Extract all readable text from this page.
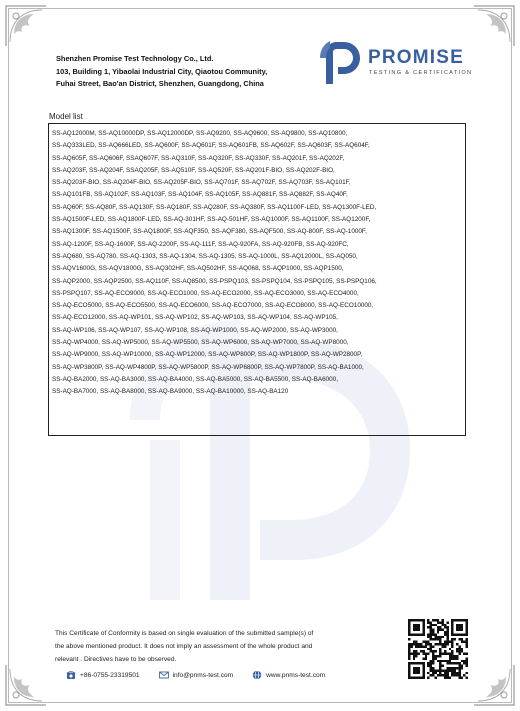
Shenzhen Promise Test Technology Co., Ltd.
103, Building 1, Yibaolai Industrial City, Qiaotou Community,
Fuhai Street, Bao'an District, Shenzhen, Guangdong, China
PROMISE
TESTING & CERTIFICATION
Model list
SS-AQ12000M, SS-AQ10000DP, SS-AQ12000DP, SS-AQ9200, SS-AQ9600, SS-AQ9800, SS-AQ10800,
SS-AQ333LED, SS-AQ666LED, SS-AQ600F, SS-AQ601F, SS-AQ601FB, SS-AQ602F, SS-AQ603F, SS-AQ604F,
SS-AQ605F, SS-AQ606F, SSAQ607F, SS-AQ310F, SS-AQ320F, SS-AQ330F, SS-AQ201F, SS-AQ202F,
SS-AQ203F, SS-AQ204F, SSAQ205F, SS-AQ510F, SS-AQ520F, SS-AQ201F-BIO, SS-AQ202F-BIO,
SS-AQ203F-BIO, SS-AQ204F-BIO, SS-AQ205F-BIO, SS-AQ701F, SS-AQ702F, SS-AQ703F, SS-AQ101F,
SS-AQ101FB, SS-AQ102F, SS-AQ103F, SS-AQ104F, SS-AQ105F, SS-AQ881F, SS-AQ882F, SS-AQ40F,
SS-AQ60F, SS-AQ80F, SS-AQ130F, SS-AQ180F, SS-AQ280F, SS-AQ380F, SS-AQ1100F-LED, SS-AQ1300F-LED,
SS-AQ1500F-LED, SS-AQ1800F-LED, SS-AQ-301HF, SS-AQ-501HF, SS-AQ1000F, SS-AQ1100F, SS-AQ1200F,
SS-AQ1300F, SS-AQ1500F, SS-AQ1800F, SS-AQF350, SS-AQF380, SS-AQF500, SS-AQ-800F, SS-AQ-1000F,
SS-AQ-1200F, SS-AQ-1600F, SS-AQ-2200F, SS-AQ-111F, SS-AQ-920FA, SS-AQ-920FB, SS-AQ-920FC,
SS-AQ680, SS-AQ780, SS-AQ-1303, SS-AQ-1304, SS-AQ-1305, SS-AQ-1000L, SS-AQ12000L, SS-AQ050,
SS-AQV1600G, SS-AQV1800G, SS-AQ302HF, SS-AQ502HF, SS-AQ068, SS-AQP1000, SS-AQP1500,
SS-AQP2000, SS-AQP2500, SS-AQ110F, SS-AQ8500, SS-PSPQ103, SS-PSPQ104, SS-PSPQ105, SS-PSPQ106,
SS-PSPQ107, SS-AQ-ECO9000, SS-AQ-ECO1000, SS-AQ-ECO2000, SS-AQ-ECO3000, SS-AQ-ECO4000,
SS-AQ-ECO5000, SS-AQ-ECO5500, SS-AQ-ECO6000, SS-AQ-ECO7000, SS-AQ-ECO8000, SS-AQ-ECO10000,
SS-AQ-ECO12000, SS-AQ-WP101, SS-AQ-WP102, SS-AQ-WP103, SS-AQ-WP104, SS-AQ-WP105,
SS-AQ-WP106, SS-AQ-WP107, SS-AQ-WP108, SS-AQ-WP1000, SS-AQ-WP2000, SS-AQ-WP3000,
SS-AQ-WP4000, SS-AQ-WP5000, SS-AQ-WP5500, SS-AQ-WP6000, SS-AQ-WP7000, SS-AQ-WP8000,
SS-AQ-WP9000, SS-AQ-WP10000, SS-AQ-WP12000, SS-AQ-WP800P, SS-AQ-WP1800P, SS-AQ-WP2800P,
SS-AQ-WP3800P, SS-AQ-WP4800P, SS-AQ-WP5800P, SS-AQ-WP6800P, SS-AQ-WP7800P, SS-AQ-BA1000,
SS-AQ-BA2000, SS-AQ-BA3000, SS-AQ-BA4000, SS-AQ-BA5000, SS-AQ-BA5500, SS-AQ-BA6000,
SS-AQ-BA7000, SS-AQ-BA8000, SS-AQ-BA9000, SS-AQ-BA10000, SS-AQ-BA120
This Certificate of Conformity is based on single evaluation of the submitted sample(s) of
the above mentioned product. It does not imply an assessment of the whole product and
relevant . Directives have to be observed.
+86-0755-23319501	info@pnms-test.com	www.pnms-test.com
